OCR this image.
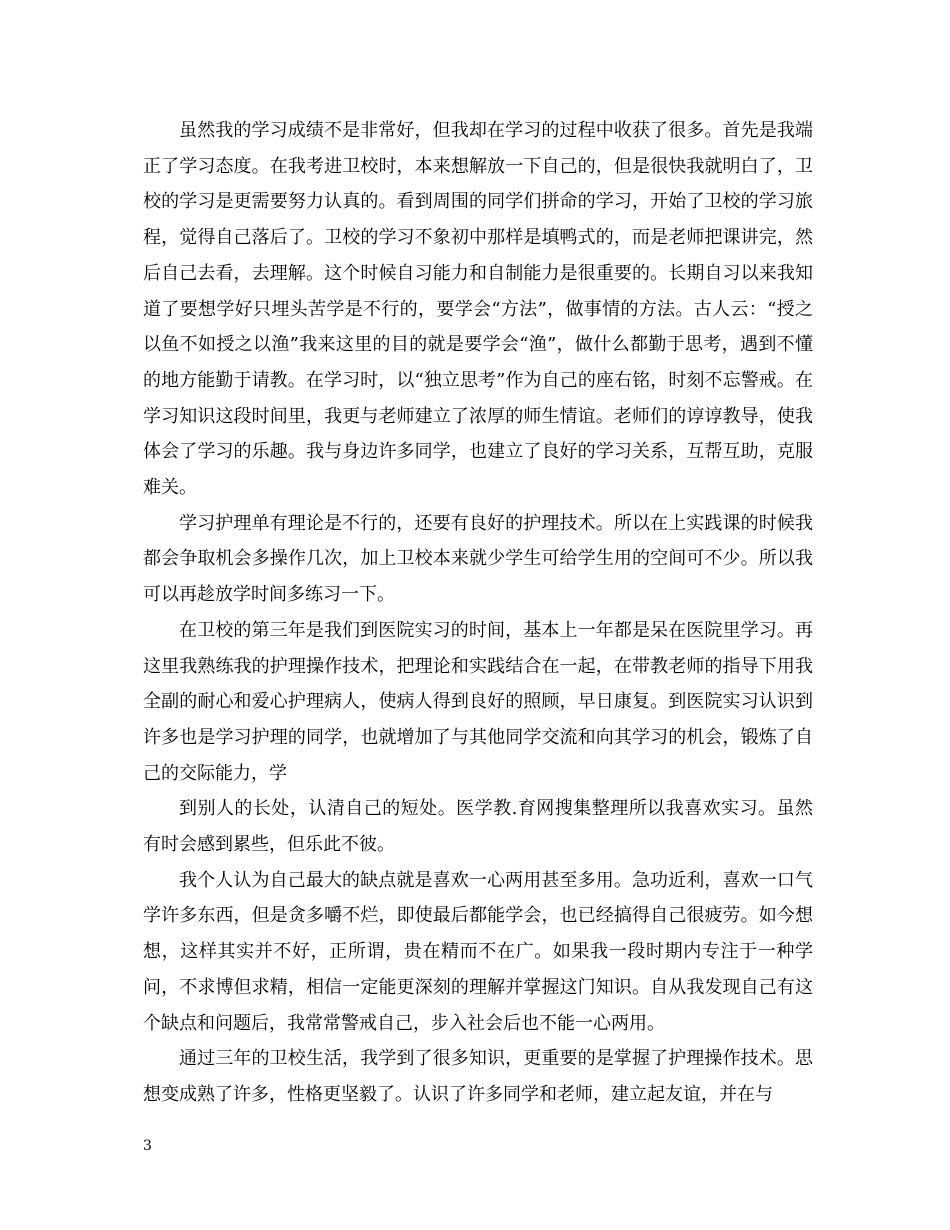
虽然我的学习成绩不是非常好，但我却在学习的过程中收获了很多。首先是我端正了学习态度。在我考进卫校时，本来想解放一下自己的，但是很快我就明白了，卫校的学习是更需要努力认真的。看到周围的同学们拼命的学习，开始了卫校的学习旅程，觉得自己落后了。卫校的学习不象初中那样是填鸭式的，而是老师把课讲完，然后自己去看，去理解。这个时候自习能力和自制能力是很重要的。长期自习以来我知道了要想学好只埋头苦学是不行的，要学会“方法”，做事情的方法。古人云：“授之以鱼不如授之以渔”我来这里的目的就是要学会“渔”，做什么都勤于思考，遇到不懂的地方能勤于请教。在学习时，以“独立思考”作为自己的座右铭，时刻不忘警戒。在学习知识这段时间里，我更与老师建立了浓厚的师生情谊。老师们的谆谆教导，使我体会了学习的乐趣。我与身边许多同学，也建立了良好的学习关系，互帮互助，克服难关。

学习护理单有理论是不行的，还要有良好的护理技术。所以在上实践课的时候我都会争取机会多操作几次，加上卫校本来就少学生可给学生用的空间可不少。所以我可以再趁放学时间多练习一下。

在卫校的第三年是我们到医院实习的时间，基本上一年都是呆在医院里学习。再这里我熟练我的护理操作技术，把理论和实践结合在一起，在带教老师的指导下用我全副的耐心和爱心护理病人，使病人得到良好的照顾，早日康复。到医院实习认识到许多也是学习护理的同学，也就增加了与其他同学交流和向其学习的机会，锻炼了自己的交际能力，学

到别人的长处，认清自己的短处。医学教.育网搜集整理所以我喜欢实习。虽然有时会感到累些，但乐此不彼。

我个人认为自己最大的缺点就是喜欢一心两用甚至多用。急功近利，喜欢一口气学许多东西，但是贪多嚼不烂，即使最后都能学会，也已经搞得自己很疲劳。如今想想，这样其实并不好，正所谓，贵在精而不在广。如果我一段时期内专注于一种学问，不求博但求精，相信一定能更深刻的理解并掌握这门知识。自从我发现自己有这个缺点和问题后，我常常警戒自己，步入社会后也不能一心两用。

通过三年的卫校生活，我学到了很多知识，更重要的是掌握了护理操作技术。思想变成熟了许多，性格更坚毅了。认识了许多同学和老师，建立起友谊，并在与

3
